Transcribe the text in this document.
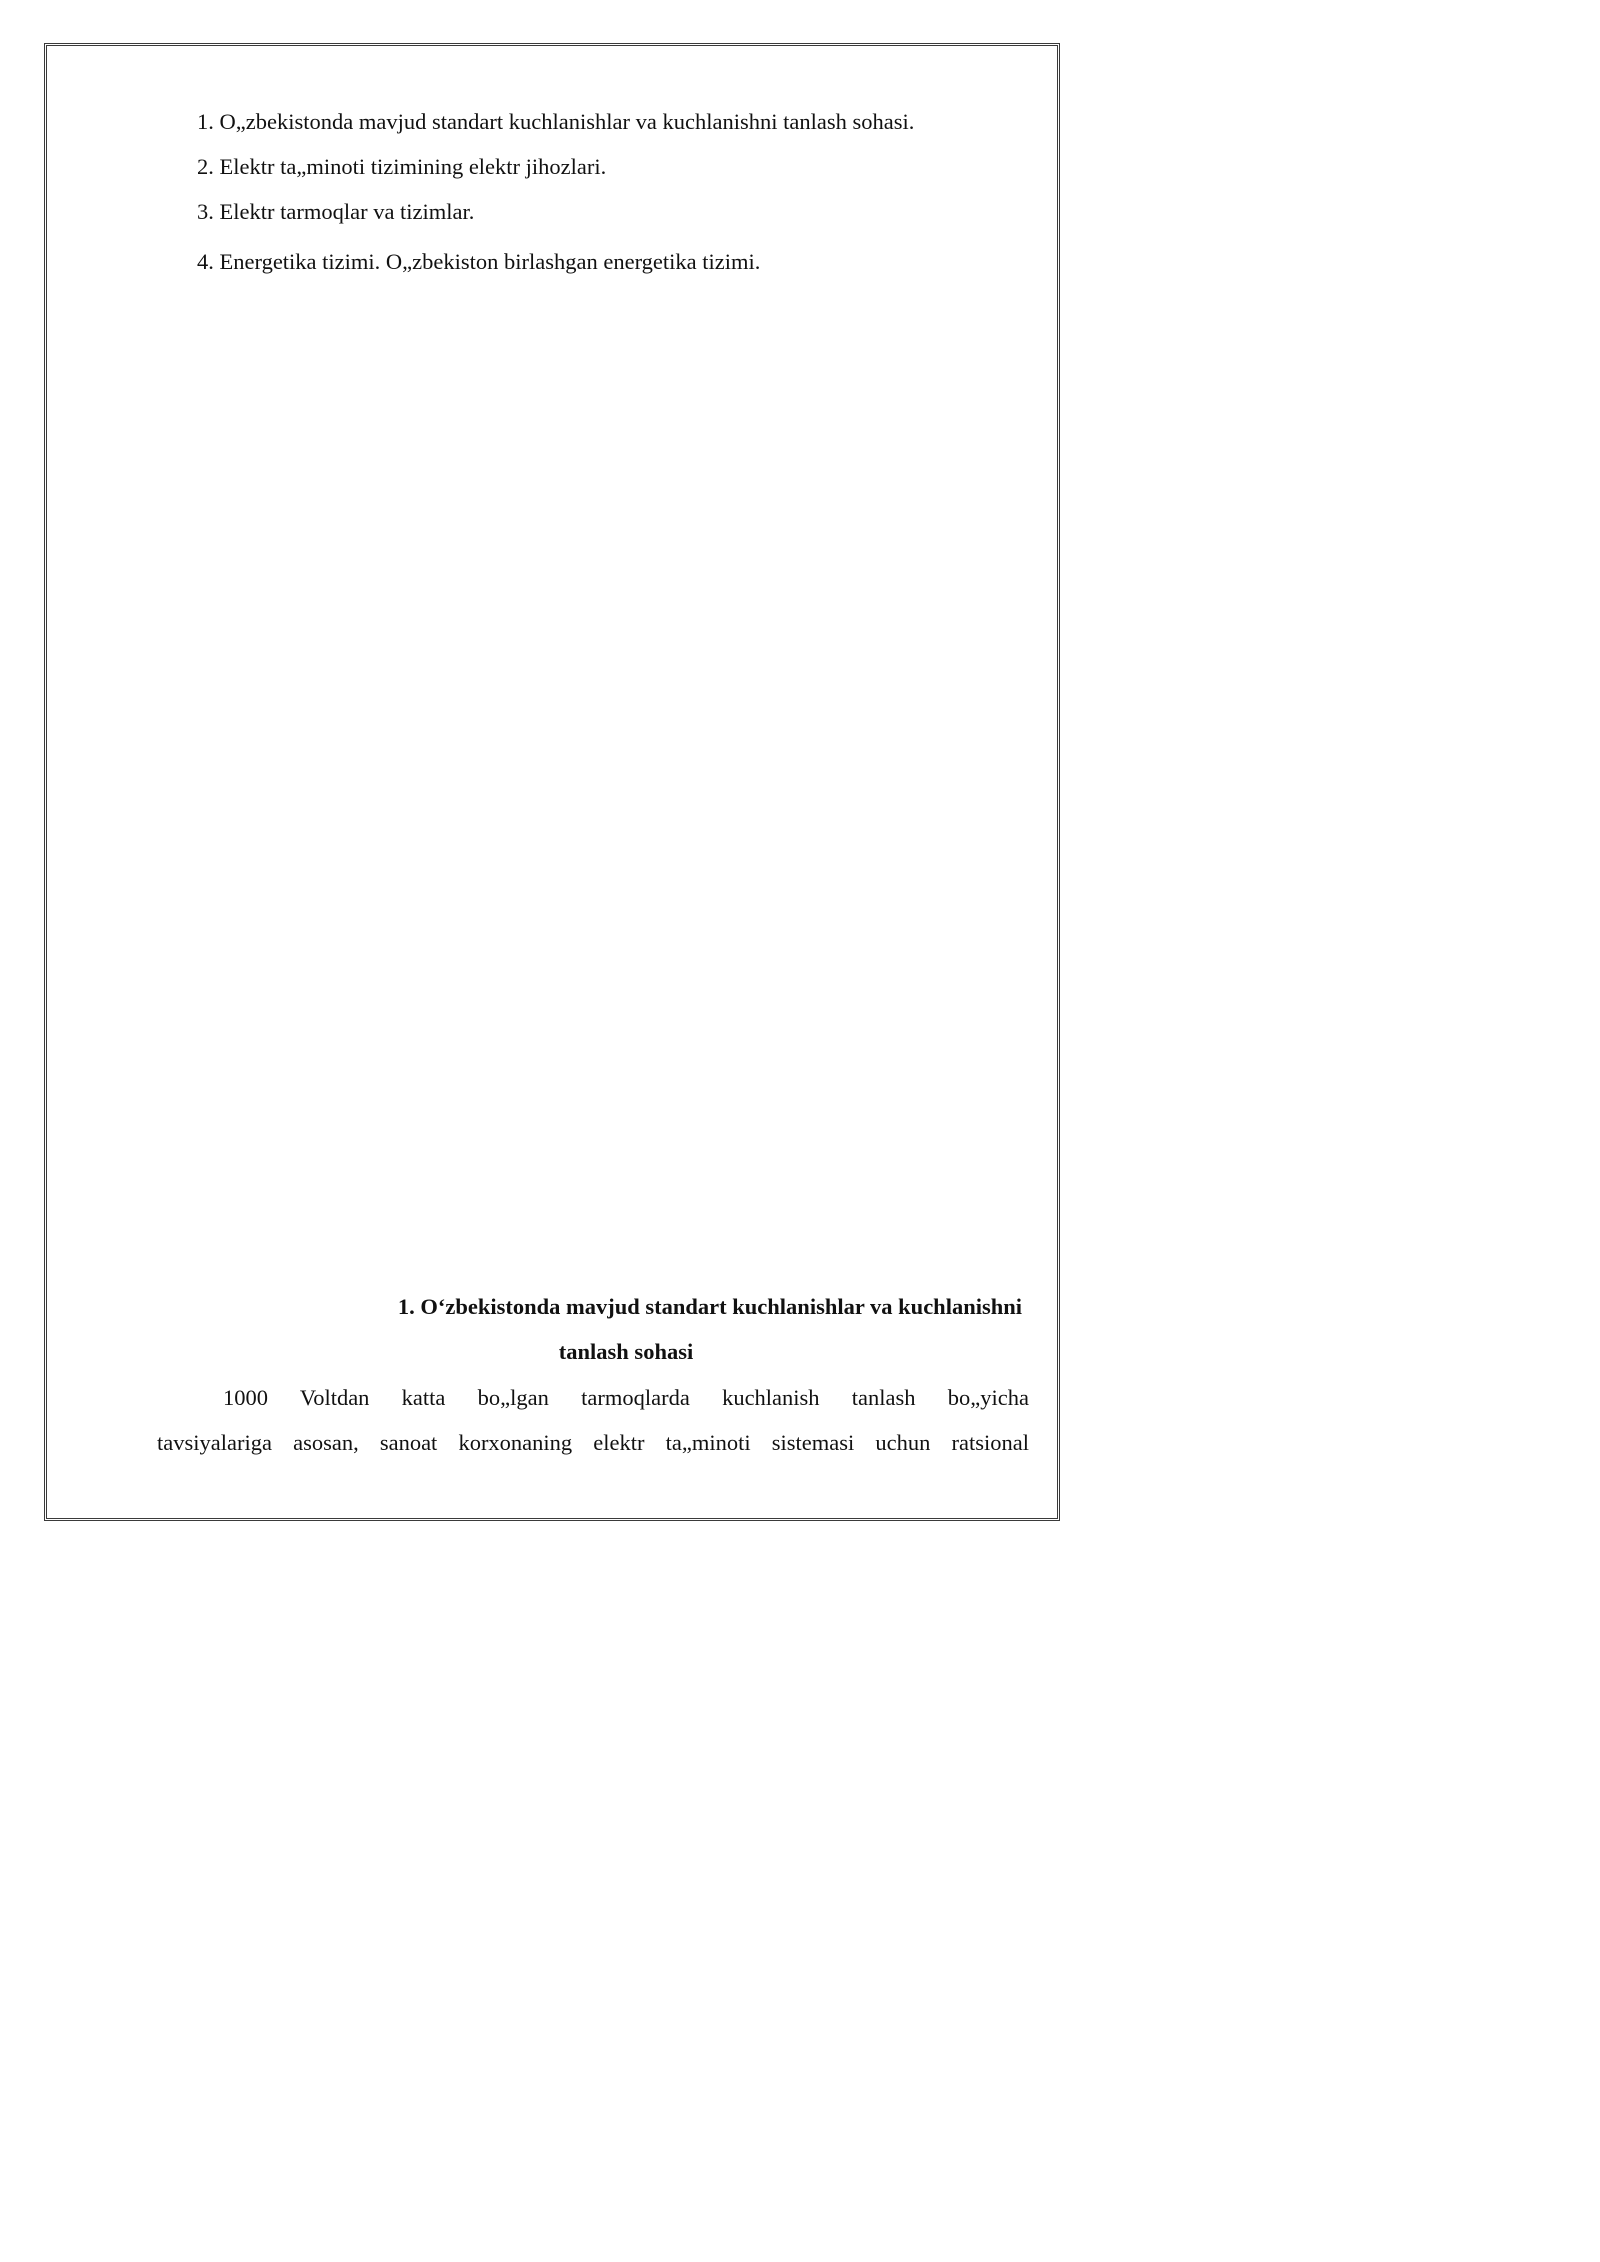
1. O„zbekistonda mavjud standart kuchlanishlar va kuchlanishni tanlash sohasi.
2. Elektr ta„minoti tizimining elektr jihozlari.
3. Elektr tarmoqlar va tizimlar.
4. Energetika tizimi. O„zbekiston birlashgan energetika tizimi.
1. O‘zbekistonda mavjud standart kuchlanishlar va kuchlanishni
tanlash sohasi

1000 Voltdan katta bo„lgan tarmoqlarda kuchlanish tanlash bo„yicha
tavsiyalariga asosan, sanoat korxonaning elektr ta„minoti sistemasi uchun ratsional
